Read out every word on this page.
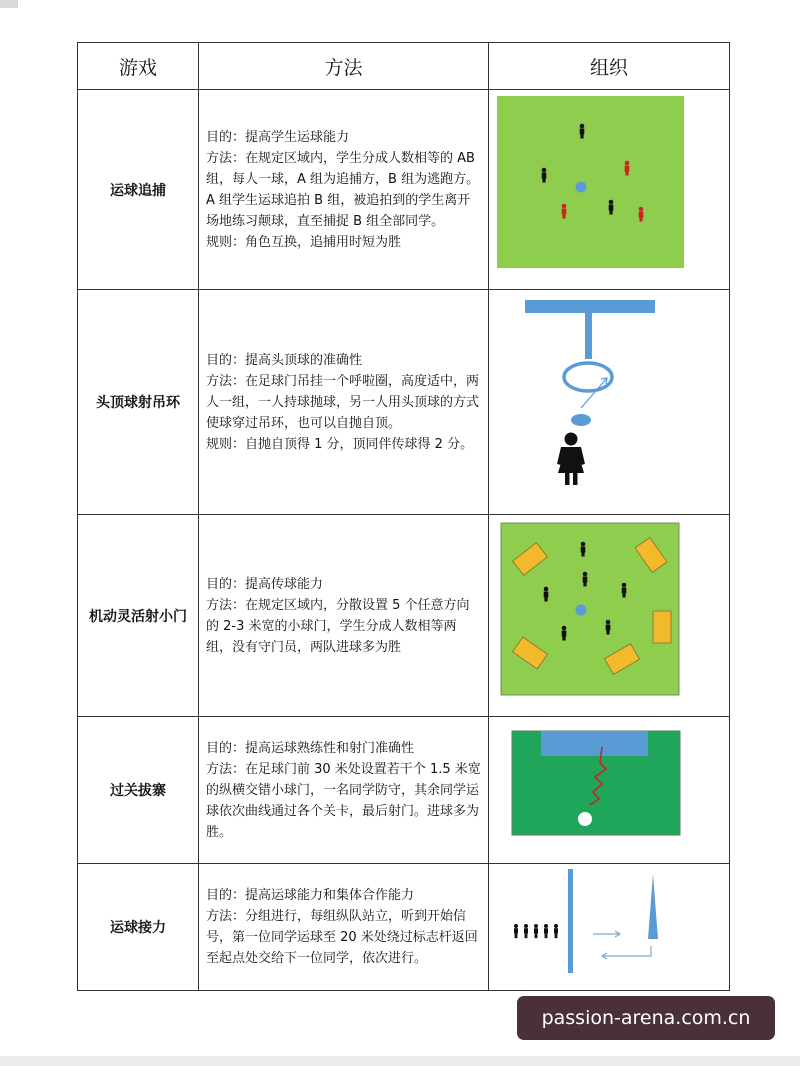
游戏	方法	组织
运球追捕	目的：提高学生运球能力

方法：在规定区域内，学生分成人数相等的 AB 组，每人一球，A 组为追捕方，B 组为逃跑方。A 组学生运球追拍 B 组，被追拍到的学生离开场地练习颠球，直至捕捉 B 组全部同学。

规则：角色互换，追捕用时短为胜

头顶球射吊环	目的：提高头顶球的准确性

方法：在足球门吊挂一个呼啦圈，高度适中，两人一组，一人持球抛球，另一人用头顶球的方式使球穿过吊环，也可以自抛自顶。

规则：自抛自顶得 1 分，顶同伴传球得 2 分。

机动灵活射小门	目的：提高传球能力

方法：在规定区域内，分散设置 5 个任意方向的 2-3 米宽的小球门，学生分成人数相等两组，没有守门员，两队进球多为胜

过关拔寨	目的：提高运球熟练性和射门准确性

方法：在足球门前 30 米处设置若干个 1.5 米宽的纵横交错小球门，一名同学防守，其余同学运球依次曲线通过各个关卡，最后射门。进球多为胜。

运球接力	目的：提高运球能力和集体合作能力

方法：分组进行，每组纵队站立，听到开始信号，第一位同学运球至 20 米处绕过标志杆返回至起点处交给下一位同学，依次进行。

passion-arena.com.cn
